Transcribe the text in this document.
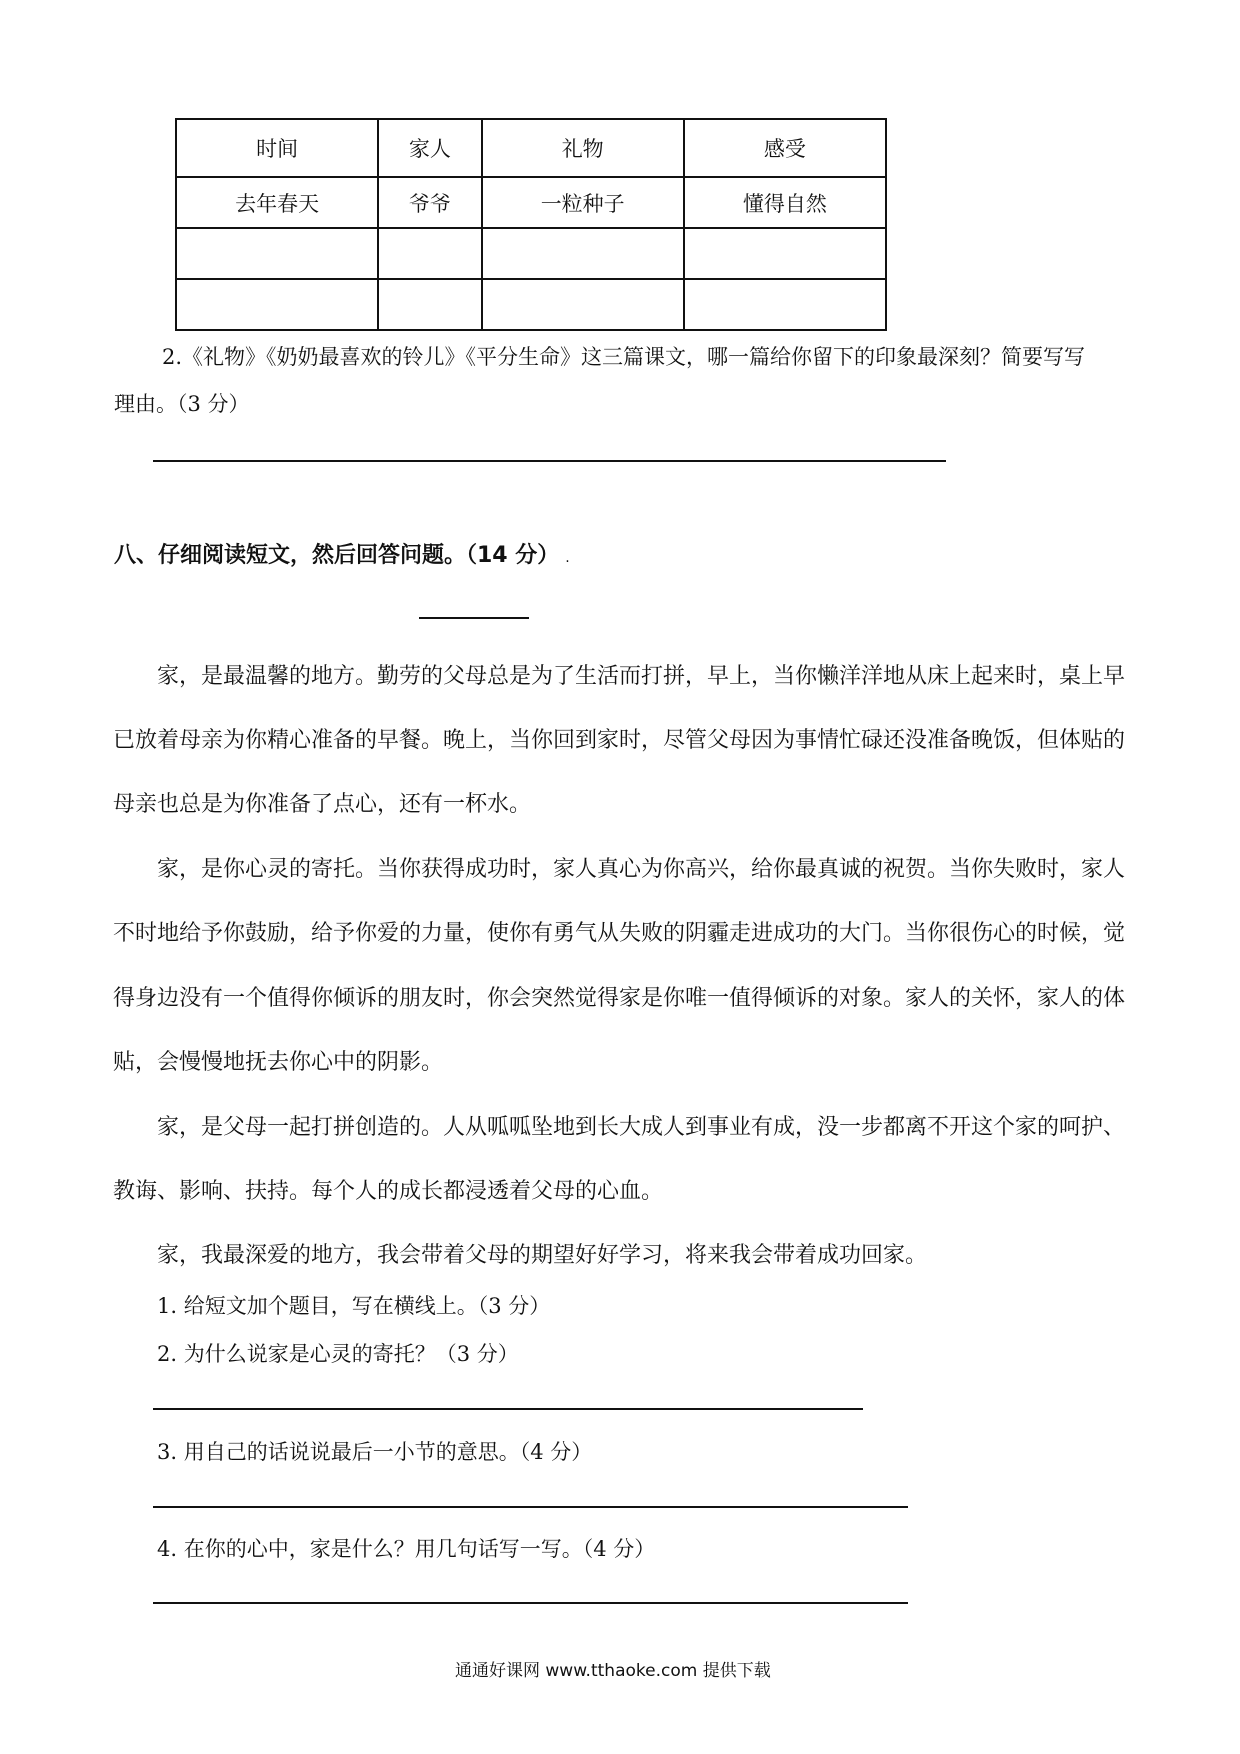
时间	家人	礼物	感受
去年春天	爷爷	一粒种子	懂得自然

2.《礼物》《奶奶最喜欢的铃儿》《平分生命》这三篇课文，哪一篇给你留下的印象最深刻？简要写写
理由。（3 分）
八、仔细阅读短文，然后回答问题。（14 分） .
家，是最温馨的地方。勤劳的父母总是为了生活而打拼，早上，当你懒洋洋地从床上起来时，桌上早
已放着母亲为你精心准备的早餐。晚上，当你回到家时，尽管父母因为事情忙碌还没准备晚饭，但体贴的
母亲也总是为你准备了点心，还有一杯水。
家，是你心灵的寄托。当你获得成功时，家人真心为你高兴，给你最真诚的祝贺。当你失败时，家人
不时地给予你鼓励，给予你爱的力量，使你有勇气从失败的阴霾走进成功的大门。当你很伤心的时候，觉
得身边没有一个值得你倾诉的朋友时，你会突然觉得家是你唯一值得倾诉的对象。家人的关怀，家人的体
贴，会慢慢地抚去你心中的阴影。
家，是父母一起打拼创造的。人从呱呱坠地到长大成人到事业有成，没一步都离不开这个家的呵护、
教诲、影响、扶持。每个人的成长都浸透着父母的心血。
家，我最深爱的地方，我会带着父母的期望好好学习，将来我会带着成功回家。
1. 给短文加个题目，写在横线上。（3 分）
2. 为什么说家是心灵的寄托？（3 分）
3. 用自己的话说说最后一小节的意思。（4 分）
4. 在你的心中，家是什么？用几句话写一写。（4 分）
通通好课网 www.tthaoke.com 提供下载
